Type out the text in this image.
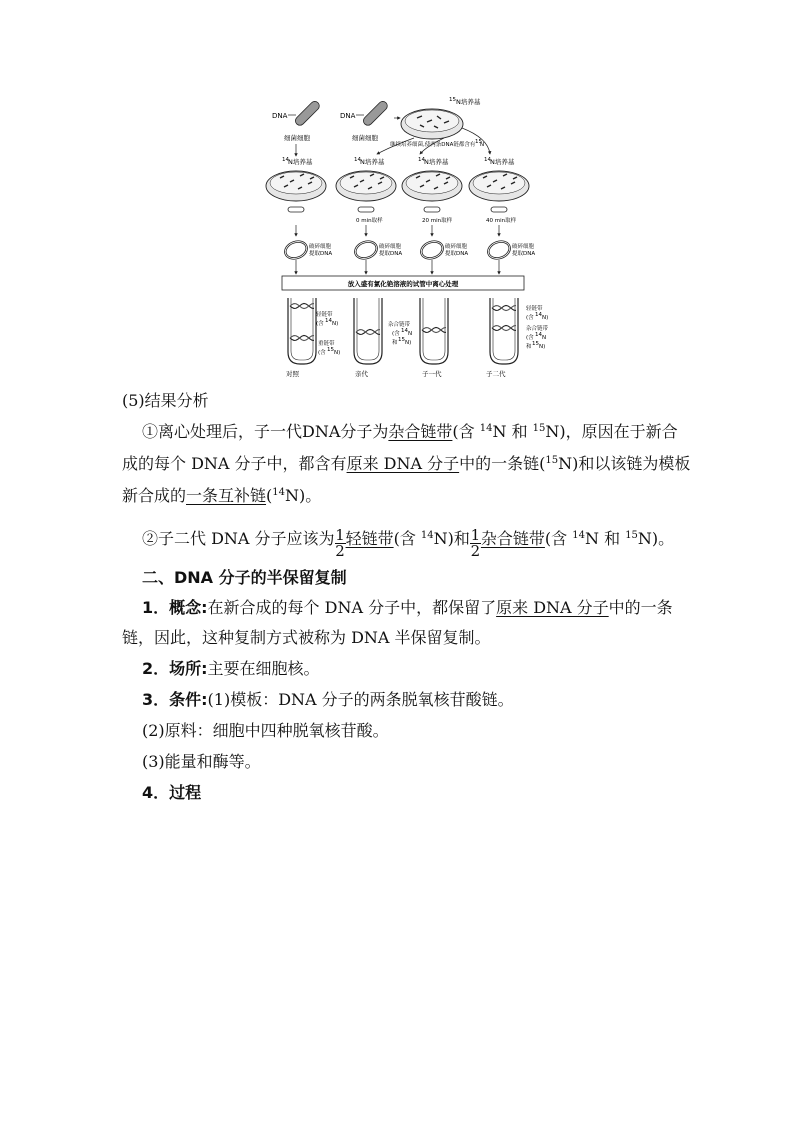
DNA
细菌细胞
DNA
细菌细胞
15 N培养基
继续培养细菌,使两条DNA链都含有 15
N
14 N培养基	14 N培养基	14 N培养基	14 N培养基
0 min取样	20 min取样	40 min取样
破碎细胞
提取DNA
破碎细胞
提取DNA
破碎细胞
提取DNA
破碎细胞
提取DNA
放入盛有氯化铯溶液的试管中离心处理
轻链带
(含 14 N)
重链带
(含 15 N)
杂合链带
(含 14 N
和 15 N)
轻链带
(含 14 N)
杂合链带
(含 14 N
和 15 N)
对照	亲代	子一代	子二代
(5)结果分析
①离心处理后，子一代DNA分子为杂合链带(含 $^{14}$N 和 $^{15}$N)，原因在于新合
成的每个 DNA 分子中，都含有原来 DNA 分子中的一条链($^{15}$N)和以该链为模板
新合成的一条互补链($^{14}$N)。
②子二代 DNA 分子应该为 $\frac{1}{2}$ 轻链带(含 $^{14}$N)和 $\frac{1}{2}$ 杂合链带(含 $^{14}$N 和 $^{15}$N)。
二、DNA 分子的半保留复制
1．概念:在新合成的每个 DNA 分子中，都保留了原来 DNA 分子中的一条
链，因此，这种复制方式被称为 DNA 半保留复制。
2．场所:主要在细胞核。
3．条件:(1)模板：DNA 分子的两条脱氧核苷酸链。
(2)原料：细胞中四种脱氧核苷酸。
(3)能量和酶等。
4．过程
